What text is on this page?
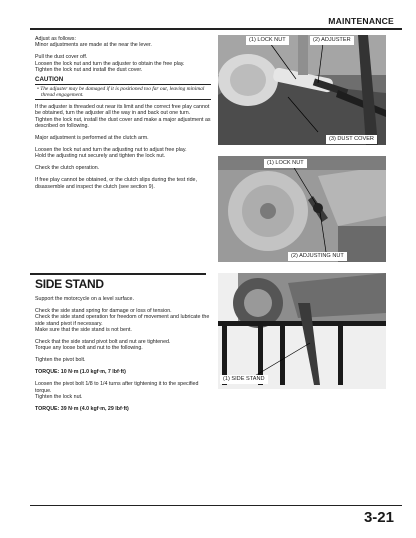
MAINTENANCE

Adjust as follows:

Minor adjustments are made at the near the lever.

Pull the dust cover off.

Loosen the lock nut and turn the adjuster to obtain the free play.

Tighten the lock nut and install the dust cover.

CAUTION

• The adjuster may be damaged if it is positioned too far out, leaving minimal thread engagement.

If the adjuster is threaded out near its limit and the correct free play cannot be obtained, turn the adjuster all the way in and back out one turn.

Tighten the lock nut, install the dust cover and make a major adjustment as described on following.

Major adjustment is performed at the clutch arm.

Loosen the lock nut and turn the adjusting nut to adjust free play.

Hold the adjusting nut securely and tighten the lock nut.

Check the clutch operation.

If free play cannot be obtained, or the clutch slips during the test ride, disassemble and inspect the clutch (see section 9).

SIDE STAND

Support the motorcycle on a level surface.

Check the side stand spring for damage or loss of tension.

Check the side stand operation for freedom of movement and lubricate the side stand pivot if necessary.

Make sure that the side stand is not bent.

Check that the side stand pivot bolt and nut are tightened.

Torque any loose bolt and nut to the following.

Tighten the pivot bolt.

TORQUE: 10 N·m (1.0 kgf·m, 7 lbf·ft)

Loosen the pivot bolt 1/8 to 1/4 turns after tightening it to the specified torque.

Tighten the lock nut.

TORQUE: 39 N·m (4.0 kgf·m, 29 lbf·ft)

(1) LOCK NUT	(2) ADJUSTER
(3) DUST COVER
(1) LOCK NUT
(2) ADJUSTING NUT
(1) SIDE STAND
3-21
